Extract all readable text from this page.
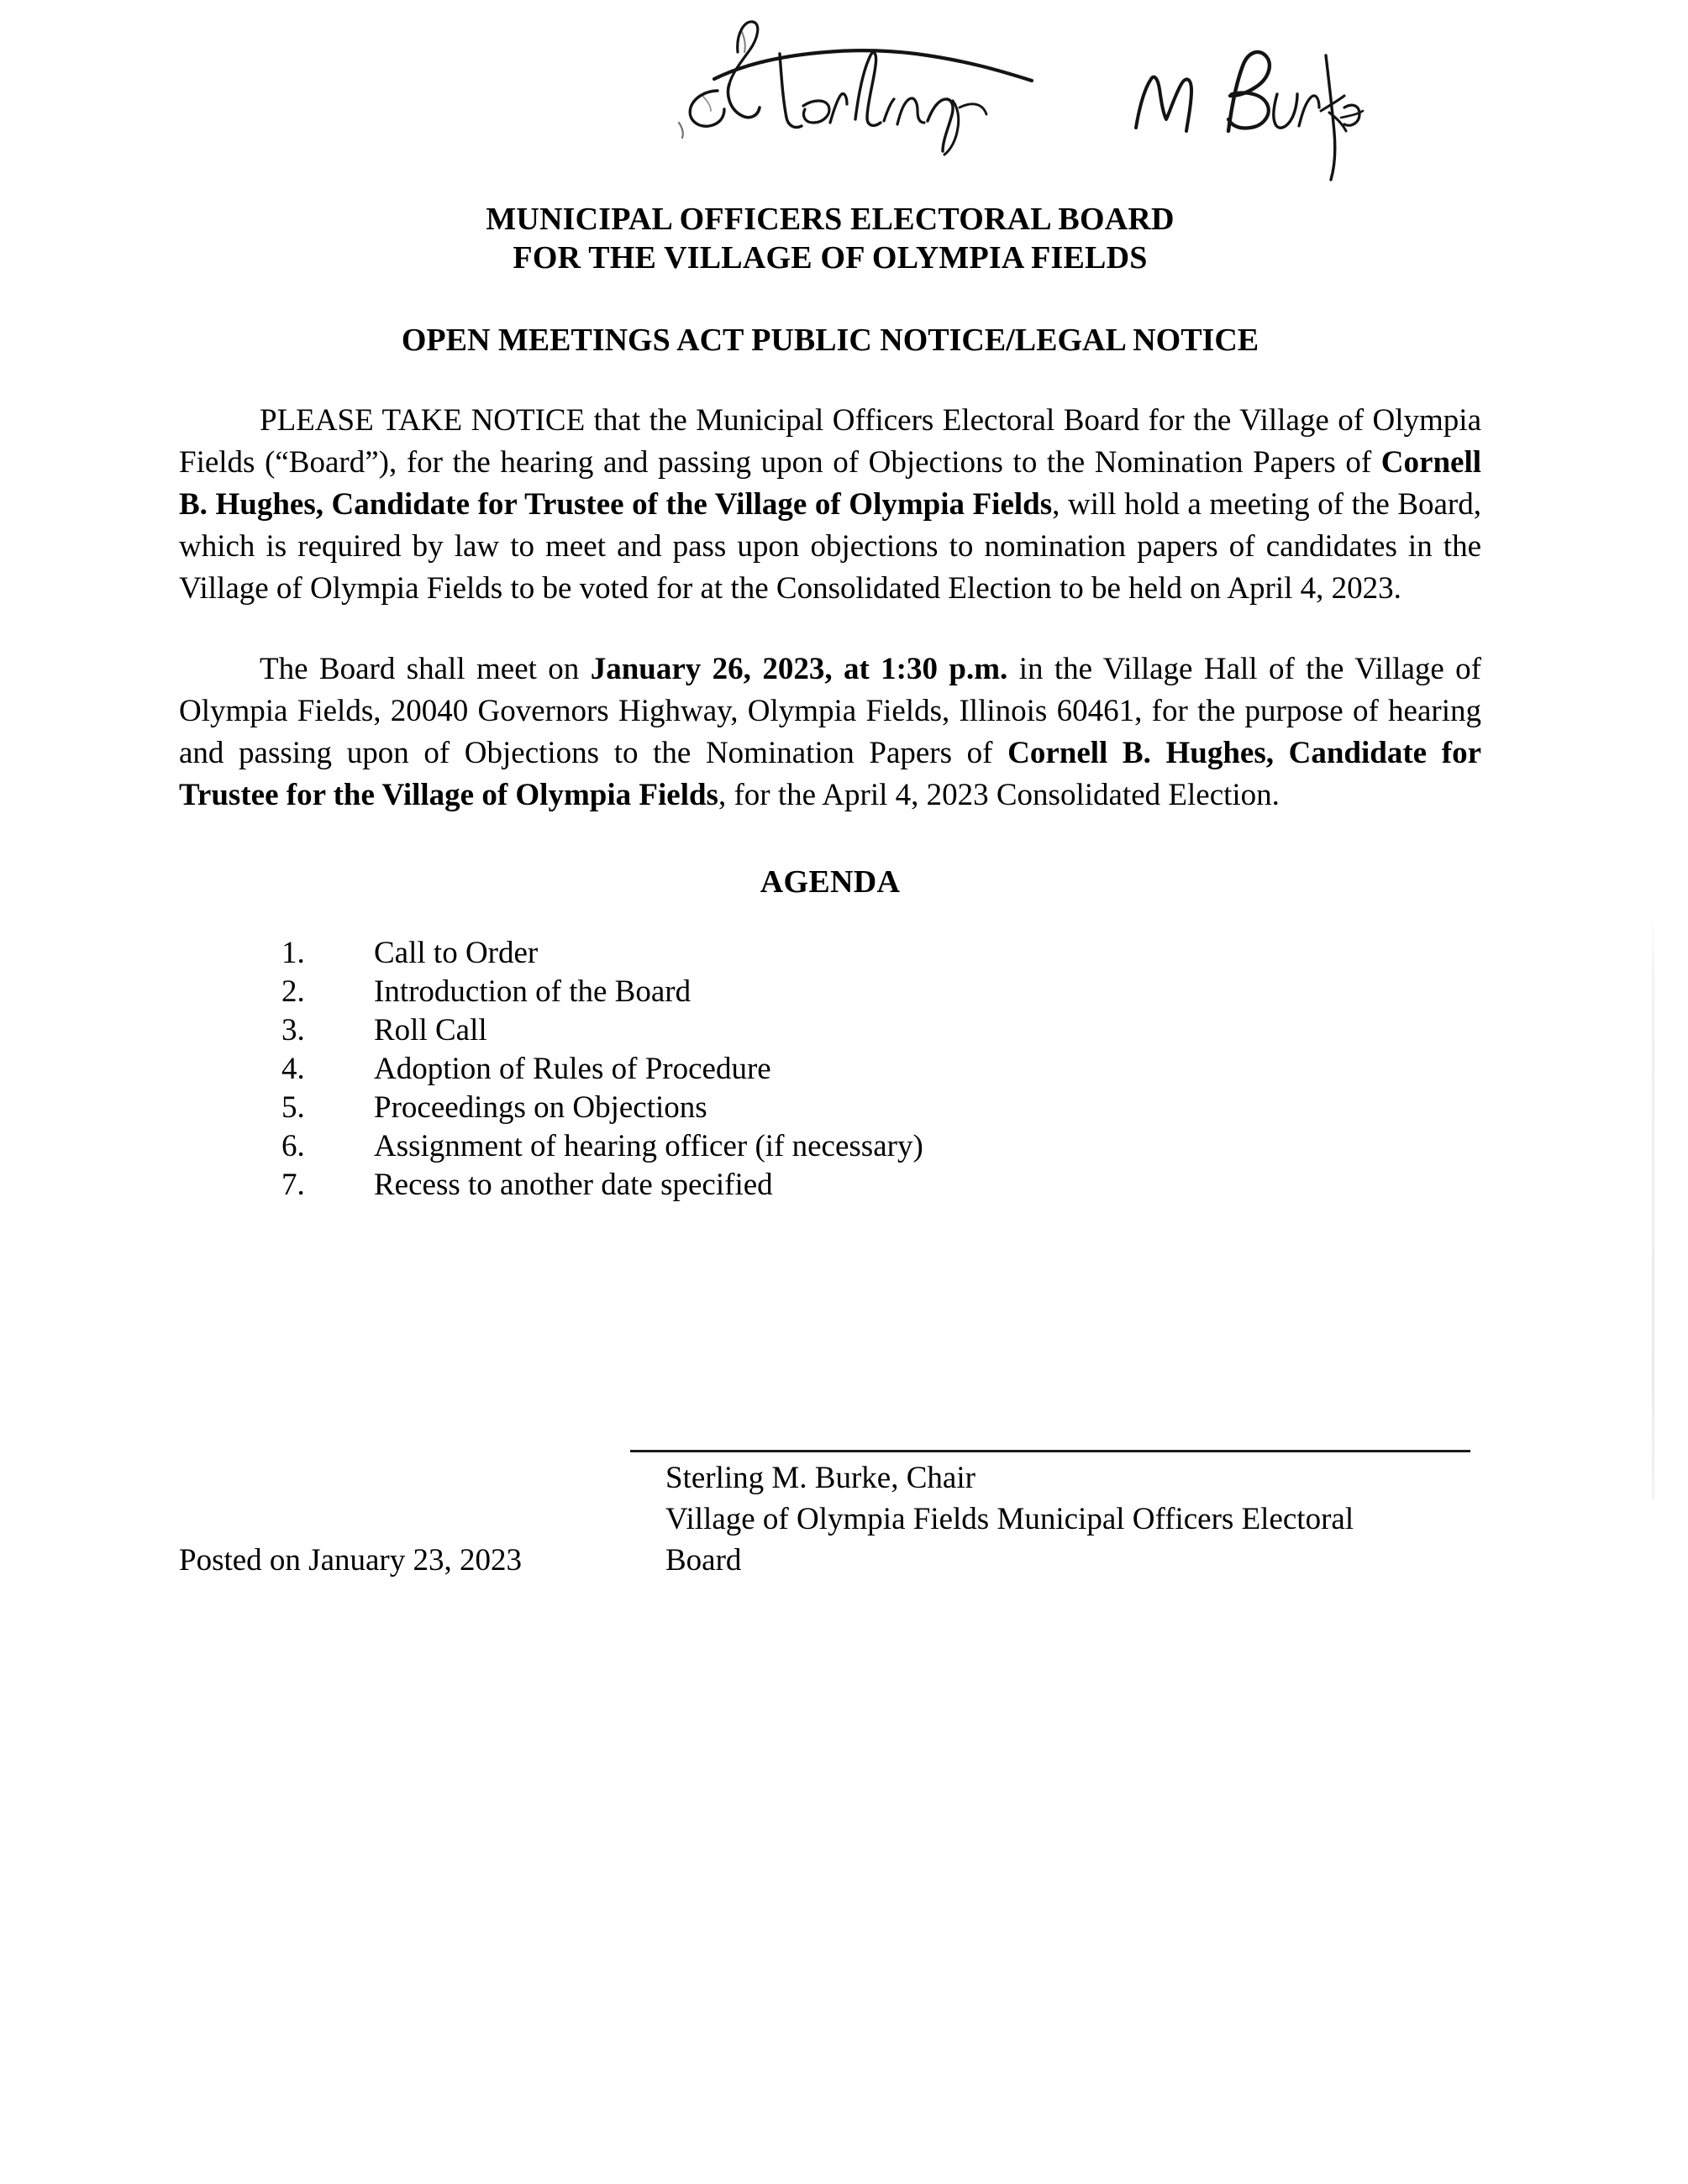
MUNICIPAL OFFICERS ELECTORAL BOARD
FOR THE VILLAGE OF OLYMPIA FIELDS
OPEN MEETINGS ACT PUBLIC NOTICE/LEGAL NOTICE

PLEASE TAKE NOTICE that the Municipal Officers Electoral Board for the Village of Olympia Fields (“Board”), for the hearing and passing upon of Objections to the Nomination Papers of Cornell B. Hughes, Candidate for Trustee of the Village of Olympia Fields, will hold a meeting of the Board, which is required by law to meet and pass upon objections to nomination papers of candidates in the Village of Olympia Fields to be voted for at the Consolidated Election to be held on April 4, 2023.

The Board shall meet on January 26, 2023, at 1:30 p.m. in the Village Hall of the Village of Olympia Fields, 20040 Governors Highway, Olympia Fields, Illinois 60461, for the purpose of hearing and passing upon of Objections to the Nomination Papers of Cornell B. Hughes, Candidate for Trustee for the Village of Olympia Fields, for the April 4, 2023 Consolidated Election.

AGENDA
1.	Call to Order
2.	Introduction of the Board
3.	Roll Call
4.	Adoption of Rules of Procedure
5.	Proceedings on Objections
6.	Assignment of hearing officer (if necessary)
7.	Recess to another date specified
Sterling M. Burke, Chair
Village of Olympia Fields Municipal Officers Electoral
Board
Posted on January 23, 2023
